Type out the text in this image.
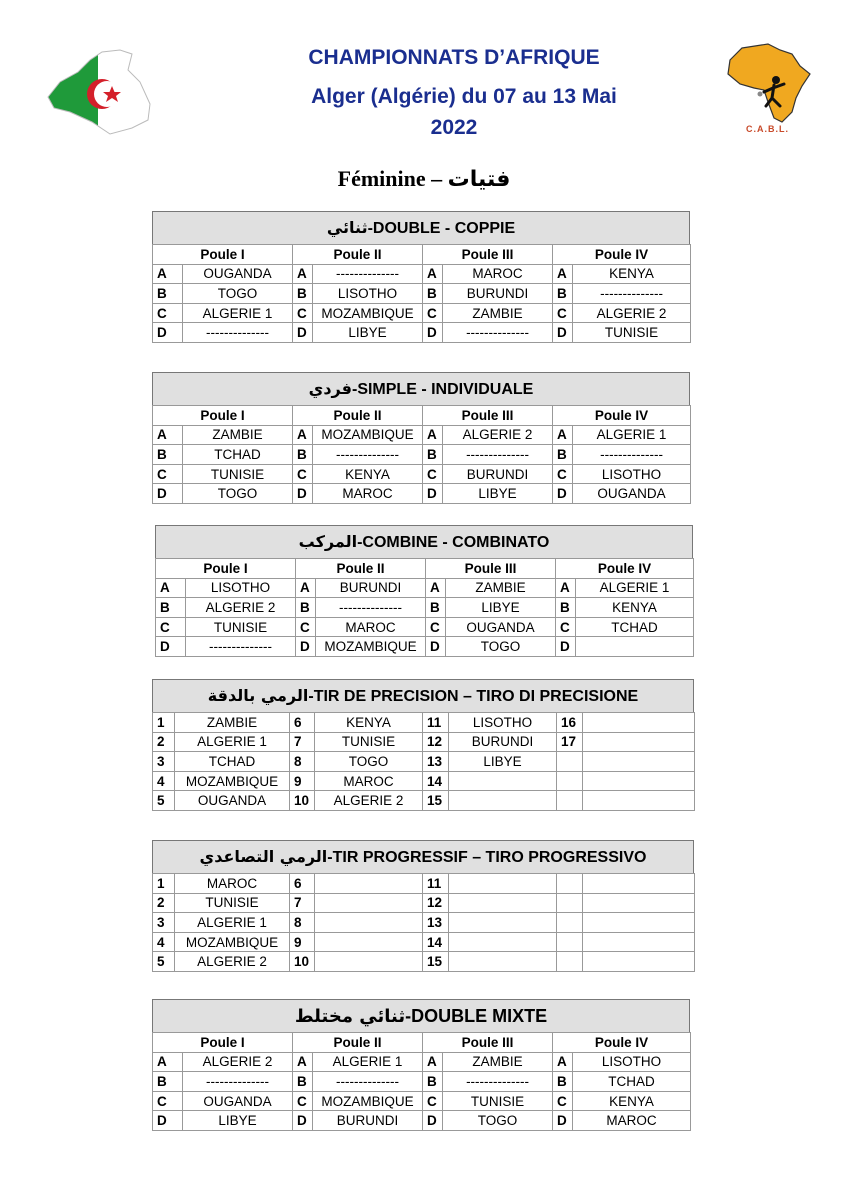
CHAMPIONNATS D’AFRIQUE
Alger (Algérie) du 07 au 13 Mai
2022	C.A.B.L.
Féminine – فتيات
ثنائي-DOUBLE - COPPIE
Poule I		Poule II		Poule III		Poule IV	
A	OUGANDA	A	--------------	A	MAROC	A	KENYA
B	TOGO	B	LISOTHO	B	BURUNDI	B	--------------
C	ALGERIE 1	C	MOZAMBIQUE	C	ZAMBIE	C	ALGERIE 2
D	--------------	D	LIBYE	D	--------------	D	TUNISIE
فردي-SIMPLE - INDIVIDUALE
Poule I		Poule II		Poule III		Poule IV	
A	ZAMBIE	A	MOZAMBIQUE	A	ALGERIE 2	A	ALGERIE 1
B	TCHAD	B	--------------	B	--------------	B	--------------
C	TUNISIE	C	KENYA	C	BURUNDI	C	LISOTHO
D	TOGO	D	MAROC	D	LIBYE	D	OUGANDA
المركب-COMBINE - COMBINATO
Poule I		Poule II		Poule III		Poule IV	
A	LISOTHO	A	BURUNDI	A	ZAMBIE	A	ALGERIE 1
B	ALGERIE 2	B	--------------	B	LIBYE	B	KENYA
C	TUNISIE	C	MAROC	C	OUGANDA	C	TCHAD
D	--------------	D	MOZAMBIQUE	D	TOGO	D	
الرمي بالدقة-TIR DE PRECISION – TIRO DI PRECISIONE
1	ZAMBIE	6	KENYA	11	LISOTHO	16	
2	ALGERIE 1	7	TUNISIE	12	BURUNDI	17	
3	TCHAD	8	TOGO	13	LIBYE		
4	MOZAMBIQUE	9	MAROC	14			
5	OUGANDA	10	ALGERIE 2	15			
الرمي التصاعدي-TIR PROGRESSIF – TIRO PROGRESSIVO
1	MAROC	6		11			
2	TUNISIE	7		12			
3	ALGERIE 1	8		13			
4	MOZAMBIQUE	9		14			
5	ALGERIE 2	10		15			
ثنائي مختلط-DOUBLE MIXTE
Poule I		Poule II		Poule III		Poule IV	
A	ALGERIE 2	A	ALGERIE 1	A	ZAMBIE	A	LISOTHO
B	--------------	B	--------------	B	--------------	B	TCHAD
C	OUGANDA	C	MOZAMBIQUE	C	TUNISIE	C	KENYA
D	LIBYE	D	BURUNDI	D	TOGO	D	MAROC
